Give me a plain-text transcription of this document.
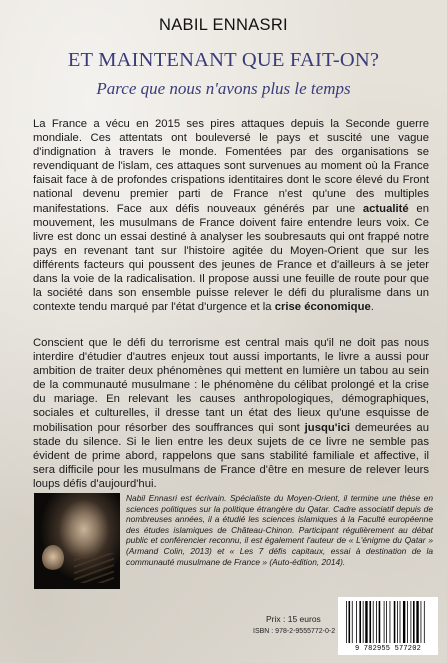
NABIL ENNASRI
ET MAINTENANT QUE FAIT-ON?
Parce que nous n'avons plus le temps

La France a vécu en 2015 ses pires attaques depuis la Seconde guerre mondiale. Ces attentats ont bouleversé le pays et suscité une vague d'indignation à travers le monde. Fomentées par des organisations se revendiquant de l'islam, ces attaques sont survenues au moment où la France faisait face à de profondes crispations identitaires dont le score élevé du Front national devenu premier parti de France n'est qu'une des multiples manifestations. Face aux défis nouveaux générés par une actualité en mouvement, les musulmans de France doivent faire entendre leurs voix. Ce livre est donc un essai destiné à analyser les soubresauts qui ont frappé notre pays en revenant tant sur l'histoire agitée du Moyen-Orient que sur les différents facteurs qui poussent des jeunes de France et d'ailleurs à se jeter dans la voie de la radicalisation. Il propose aussi une feuille de route pour que la société dans son ensemble puisse relever le défi du pluralisme dans un contexte tendu marqué par l'état d'urgence et la crise économique.

Conscient que le défi du terrorisme est central mais qu'il ne doit pas nous interdire d'étudier d'autres enjeux tout aussi importants, le livre a aussi pour ambition de traiter deux phénomènes qui mettent en lumière un tabou au sein de la communauté musulmane : le phénomène du célibat prolongé et la crise du mariage. En relevant les causes anthropologiques, démographiques, sociales et culturelles, il dresse tant un état des lieux qu'une esquisse de mobilisation pour résorber des souffrances qui sont jusqu'ici demeurées au stade du silence. Si le lien entre les deux sujets de ce livre ne semble pas évident de prime abord, rappelons que sans stabilité familiale et affective, il sera difficile pour les musulmans de France d'être en mesure de relever leurs loups défis d'aujourd'hui.

Nabil Ennasri est écrivain. Spécialiste du Moyen-Orient, il termine une thèse en sciences politiques sur la politique étrangère du Qatar. Cadre associatif depuis de nombreuses années, il a étudié les sciences islamiques à la Faculté européenne des études islamiques de Château-Chinon. Participant régulièrement au débat public et conférencier reconnu, il est également l'auteur de « L'énigme du Qatar » (Armand Colin, 2013) et « Les 7 défis capitaux, essai à destination de la communauté musulmane de France » (Auto-édition, 2014).

Prix : 15 euros
ISBN : 978-2-9555772-0-2
9 782955 577202
